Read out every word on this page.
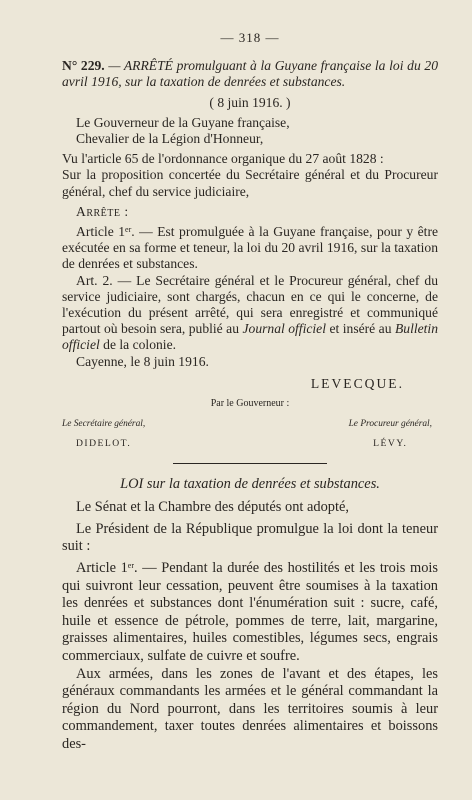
— 318 —
N° 229. — ARRÊTÉ promulguant à la Guyane française la loi du 20 avril 1916, sur la taxation de denrées et substances.
( 8 juin 1916. )
Le Gouverneur de la Guyane française,
Chevalier de la Légion d'Honneur,
Vu l'article 65 de l'ordonnance organique du 27 août 1828 :
Sur la proposition concertée du Secrétaire général et du Procureur général, chef du service judiciaire,
Arrête :
Article 1er. — Est promulguée à la Guyane française, pour y être exécutée en sa forme et teneur, la loi du 20 avril 1916, sur la taxation de denrées et substances.
Art. 2. — Le Secrétaire général et le Procureur général, chef du service judiciaire, sont chargés, chacun en ce qui le concerne, de l'exécution du présent arrêté, qui sera enregistré et communiqué partout où besoin sera, publié au Journal officiel et inséré au Bulletin officiel de la colonie.
Cayenne, le 8 juin 1916.
LEVECQUE.
Par le Gouverneur :
Le Secrétaire général,
DIDELOT.
Le Procureur général,
LÉVY.
LOI sur la taxation de denrées et substances.
Le Sénat et la Chambre des députés ont adopté,
Le Président de la République promulgue la loi dont la teneur suit :
Article 1er. — Pendant la durée des hostilités et les trois mois qui suivront leur cessation, peuvent être soumises à la taxation les denrées et substances dont l'énumération suit : sucre, café, huile et essence de pétrole, pommes de terre, lait, margarine, graisses alimentaires, huiles comestibles, légumes secs, engrais commerciaux, sulfate de cuivre et soufre.
Aux armées, dans les zones de l'avant et des étapes, les généraux commandants les armées et le général commandant la région du Nord pourront, dans les territoires soumis à leur commandement, taxer toutes denrées alimentaires et boissons des-
